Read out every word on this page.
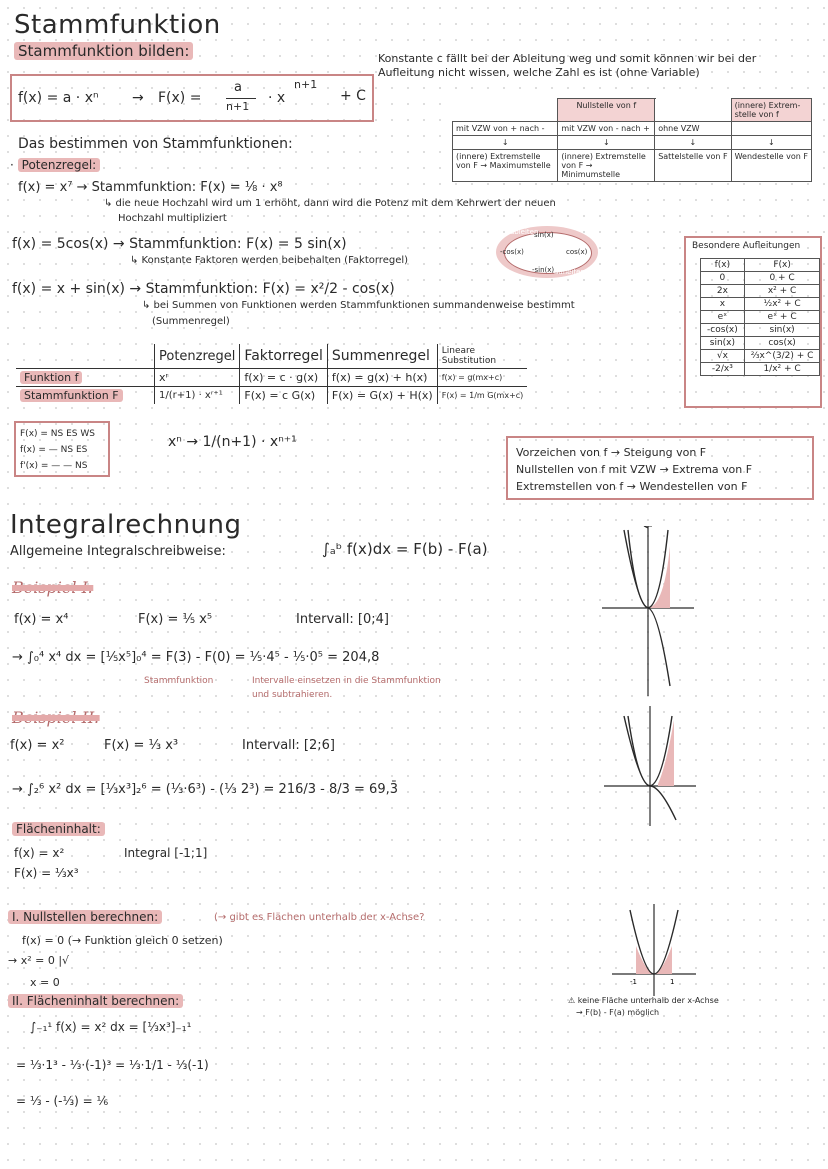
Stammfunktion
Stammfunktion bilden:	Konstante c fällt bei der Ableitung weg und somit können wir bei der Aufleitung nicht wissen, welche Zahl es ist (ohne Variable)
f(x) = a · xⁿ → F(x) =
a
n+1
· x
n+1
+ C
	Nullstelle von f		(innere) Extrem-stelle von f
mit VZW von + nach -	mit VZW von - nach +	ohne VZW	
↓	↓	↓	↓
(innere) Extremstelle von F → Maximumstelle	(innere) Extremstelle von F → Minimumstelle	Sattelstelle von F	Wendestelle von F
Das bestimmen von Stammfunktionen:
· Potenzregel:
f(x) = x⁷ → Stammfunktion: F(x) = ⅛ · x⁸
↳ die neue Hochzahl wird um 1 erhöht, dann wird die Potenz mit dem Kehrwert der neuen
Hochzahl multipliziert
f(x) = 5cos(x) → Stammfunktion: F(x) = 5 sin(x)
↳ Konstante Faktoren werden beibehalten (Faktorregel)
f(x) = x + sin(x) → Stammfunktion: F(x) = x²/2 - cos(x)
↳ bei Summen von Funktionen werden Stammfunktionen summandenweise bestimmt
(Summenregel)
sin(x)
cos(x)
-sin(x)
-cos(x)
ableiten
aufleiten
Besondere Aufleitungen
f(x)	F(x)
0	0 + C
2x	x² + C
x	½x² + C
eˣ	eˣ + C
-cos(x)	sin(x)
sin(x)	cos(x)
√x	⅔x^(3/2) + C
-2/x³	1/x² + C
	Potenzregel	Faktorregel	Summenregel	Lineare Substitution
Funktion f	xʳ	f(x) = c · g(x)	f(x) = g(x) + h(x)	f(x) = g(mx+c)
Stammfunktion F	1/(r+1) · xʳ⁺¹	F(x) = c G(x)	F(x) = G(x) + H(x)	F(x) = 1/m G(mx+c)
F(x) = NS ES WS
f(x) = — NS ES
f'(x) = — — NS
xⁿ → 1/(n+1) · xⁿ⁺¹
Vorzeichen von f → Steigung von F
Nullstellen von f mit VZW → Extrema von F
Extremstellen von f → Wendestellen von F
Integralrechnung
Allgemeine Integralschreibweise:	∫ₐᵇ f(x)dx = F(b) - F(a)
Beispiel I:
f(x) = x⁴	F(x) = ⅕ x⁵	Intervall: [0;4]
→ ∫₀⁴ x⁴ dx = [⅕x⁵]₀⁴ = F(3) - F(0) = ⅕·4⁵ - ⅕·0⁵ = 204,8
Stammfunktion	Intervalle einsetzen in die Stammfunktion
und subtrahieren.
Beispiel II:
f(x) = x²	F(x) = ⅓ x³	Intervall: [2;6]
→ ∫₂⁶ x² dx = [⅓x³]₂⁶ = (⅓·6³) - (⅓ 2³) = 216/3 - 8/3 = 69,3̄
Flächeninhalt:
f(x) = x²	Integral [-1;1]
F(x) = ⅓x³
I. Nullstellen berechnen:	(→ gibt es Flächen unterhalb der x-Achse?
f(x) = 0 (→ Funktion gleich 0 setzen)
→ x² = 0 |√
x = 0
II. Flächeninhalt berechnen:
∫₋₁¹ f(x) = x² dx = [⅓x³]₋₁¹
= ⅓·1³ - ⅓·(-1)³ = ⅓·1/1 - ⅓(-1)
= ⅓ - (-⅓) = ⅙
-1	1
⚠ keine Fläche unterhalb der x-Achse
→ F(b) - F(a) möglich
